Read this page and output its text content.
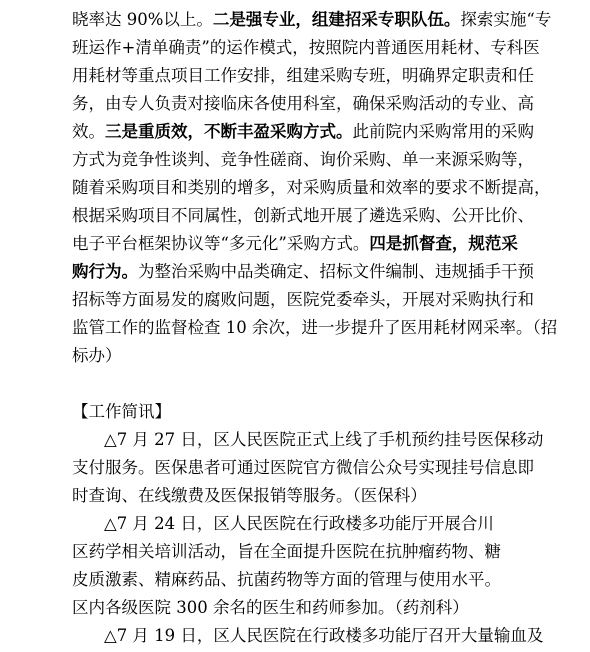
晓率达 90%以上。二是强专业，组建招采专职队伍。探索实施“专
班运作+清单确责”的运作模式，按照院内普通医用耗材、专科医
用耗材等重点项目工作安排，组建采购专班，明确界定职责和任
务，由专人负责对接临床各使用科室，确保采购活动的专业、高
效。三是重质效，不断丰盈采购方式。此前院内采购常用的采购
方式为竞争性谈判、竞争性磋商、询价采购、单一来源采购等，
随着采购项目和类别的增多，对采购质量和效率的要求不断提高，
根据采购项目不同属性，创新式地开展了遴选采购、公开比价、
电子平台框架协议等“多元化”采购方式。四是抓督查，规范采
购行为。为整治采购中品类确定、招标文件编制、违规插手干预
招标等方面易发的腐败问题，医院党委牵头，开展对采购执行和
监管工作的监督检查 10 余次，进一步提升了医用耗材网采率。（招
标办）
【工作简讯】
△7 月 27 日，区人民医院正式上线了手机预约挂号医保移动
支付服务。医保患者可通过医院官方微信公众号实现挂号信息即
时查询、在线缴费及医保报销等服务。（医保科）
△7 月 24 日，区人民医院在行政楼多功能厅开展合川
区药学相关培训活动，旨在全面提升医院在抗肿瘤药物、糖
皮质激素、精麻药品、抗菌药物等方面的管理与使用水平。
区内各级医院 300 余名的医生和药师参加。（药剂科）
△7 月 19 日，区人民医院在行政楼多功能厅召开大量输血及
